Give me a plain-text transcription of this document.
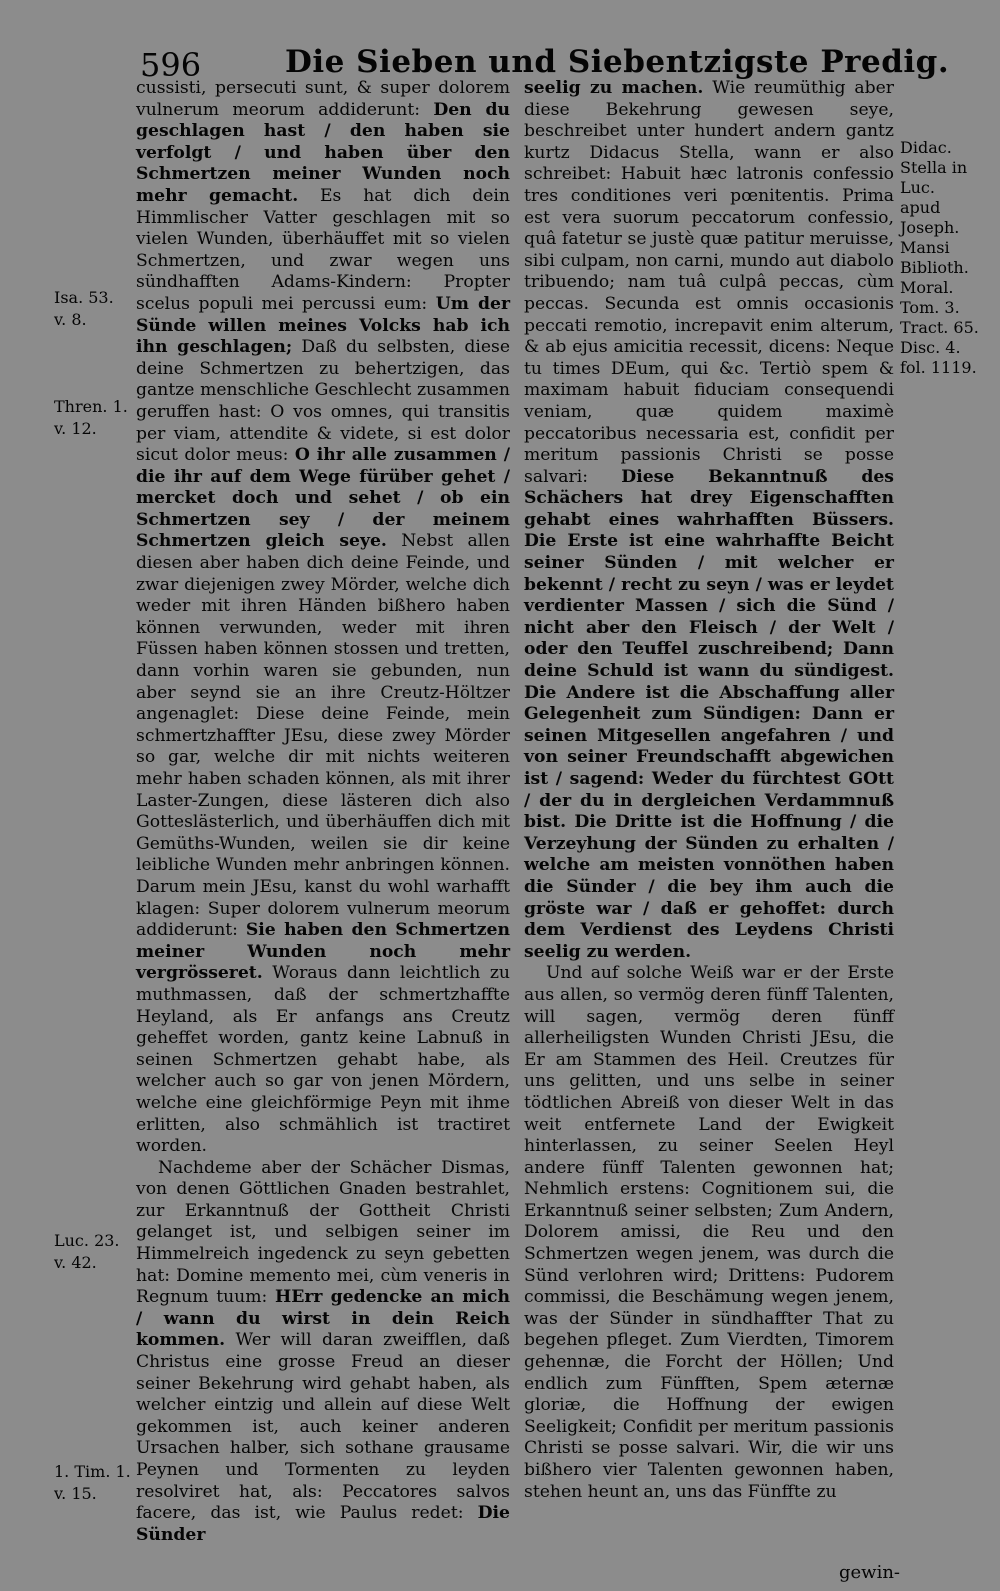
596	Die Sieben und Siebentzigste Predig.
Isa. 53.
v. 8.
Thren. 1.
v. 12.
Luc. 23.
v. 42.
1. Tim. 1.
v. 15.
Didac.
Stella in
Luc.
apud
Joseph.
Mansi
Biblioth.
Moral.
Tom. 3.
Tract. 65.
Disc. 4.
fol. 1119.

cussisti, persecuti sunt, & super dolorem vulnerum meorum addiderunt: Den du geschlagen hast / den haben sie verfolgt / und haben über den Schmertzen meiner Wunden noch mehr gemacht. Es hat dich dein Himmlischer Vatter geschlagen mit so vielen Wunden, überhäuffet mit so vielen Schmertzen, und zwar wegen uns sündhafften Adams-Kindern: Propter scelus populi mei percussi eum: Um der Sünde willen meines Volcks hab ich ihn geschlagen; Daß du selbsten, diese deine Schmertzen zu behertzigen, das gantze menschliche Geschlecht zusammen geruffen hast: O vos omnes, qui transitis per viam, attendite & videte, si est dolor sicut dolor meus: O ihr alle zusammen / die ihr auf dem Wege fürüber gehet / mercket doch und sehet / ob ein Schmertzen sey / der meinem Schmertzen gleich seye. Nebst allen diesen aber haben dich deine Feinde, und zwar diejenigen zwey Mörder, welche dich weder mit ihren Händen bißhero haben können verwunden, weder mit ihren Füssen haben können stossen und tretten, dann vorhin waren sie gebunden, nun aber seynd sie an ihre Creutz-Höltzer angenaglet: Diese deine Feinde, mein schmertzhaffter JEsu, diese zwey Mörder so gar, welche dir mit nichts weiteren mehr haben schaden können, als mit ihrer Laster-Zungen, diese lästeren dich also Gotteslästerlich, und überhäuffen dich mit Gemüths-Wunden, weilen sie dir keine leibliche Wunden mehr anbringen können. Darum mein JEsu, kanst du wohl warhafft klagen: Super dolorem vulnerum meorum addiderunt: Sie haben den Schmertzen meiner Wunden noch mehr vergrösseret. Woraus dann leichtlich zu muthmassen, daß der schmertzhaffte Heyland, als Er anfangs ans Creutz geheffet worden, gantz keine Labnuß in seinen Schmertzen gehabt habe, als welcher auch so gar von jenen Mördern, welche eine gleichförmige Peyn mit ihme erlitten, also schmählich ist tractiret worden.

Nachdeme aber der Schächer Dismas, von denen Göttlichen Gnaden bestrahlet, zur Erkanntnuß der Gottheit Christi gelanget ist, und selbigen seiner im Himmelreich ingedenck zu seyn gebetten hat: Domine memento mei, cùm veneris in Regnum tuum: HErr gedencke an mich / wann du wirst in dein Reich kommen. Wer will daran zweifflen, daß Christus eine grosse Freud an dieser seiner Bekehrung wird gehabt haben, als welcher eintzig und allein auf diese Welt gekommen ist, auch keiner anderen Ursachen halber, sich sothane grausame Peynen und Tormenten zu leyden resolviret hat, als: Peccatores salvos facere, das ist, wie Paulus redet: Die Sünder

seelig zu machen. Wie reumüthig aber diese Bekehrung gewesen seye, beschreibet unter hundert andern gantz kurtz Didacus Stella, wann er also schreibet: Habuit hæc latronis confessio tres conditiones veri pœnitentis. Prima est vera suorum peccatorum confessio, quâ fatetur se justè quæ patitur meruisse, sibi culpam, non carni, mundo aut diabolo tribuendo; nam tuâ culpâ peccas, cùm peccas. Secunda est omnis occasionis peccati remotio, increpavit enim alterum, & ab ejus amicitia recessit, dicens: Neque tu times DEum, qui &c. Tertiò spem & maximam habuit fiduciam consequendi veniam, quæ quidem maximè peccatoribus necessaria est, confidit per meritum passionis Christi se posse salvari: Diese Bekanntnuß des Schächers hat drey Eigenschafften gehabt eines wahrhafften Büssers. Die Erste ist eine wahrhaffte Beicht seiner Sünden / mit welcher er bekennt / recht zu seyn / was er leydet verdienter Massen / sich die Sünd / nicht aber den Fleisch / der Welt / oder den Teuffel zuschreibend; Dann deine Schuld ist wann du sündigest. Die Andere ist die Abschaffung aller Gelegenheit zum Sündigen: Dann er seinen Mitgesellen angefahren / und von seiner Freundschafft abgewichen ist / sagend: Weder du fürchtest GOtt / der du in dergleichen Verdammnuß bist. Die Dritte ist die Hoffnung / die Verzeyhung der Sünden zu erhalten / welche am meisten vonnöthen haben die Sünder / die bey ihm auch die gröste war / daß er gehoffet: durch dem Verdienst des Leydens Christi seelig zu werden.

Und auf solche Weiß war er der Erste aus allen, so vermög deren fünff Talenten, will sagen, vermög deren fünff allerheiligsten Wunden Christi JEsu, die Er am Stammen des Heil. Creutzes für uns gelitten, und uns selbe in seiner tödtlichen Abreiß von dieser Welt in das weit entfernete Land der Ewigkeit hinterlassen, zu seiner Seelen Heyl andere fünff Talenten gewonnen hat; Nehmlich erstens: Cognitionem sui, die Erkanntnuß seiner selbsten; Zum Andern, Dolorem amissi, die Reu und den Schmertzen wegen jenem, was durch die Sünd verlohren wird; Drittens: Pudorem commissi, die Beschämung wegen jenem, was der Sünder in sündhaffter That zu begehen pfleget. Zum Vierdten, Timorem gehennæ, die Forcht der Höllen; Und endlich zum Fünfften, Spem æternæ gloriæ, die Hoffnung der ewigen Seeligkeit; Confidit per meritum passionis Christi se posse salvari. Wir, die wir uns bißhero vier Talenten gewonnen haben, stehen heunt an, uns das Fünffte zu

gewin-
